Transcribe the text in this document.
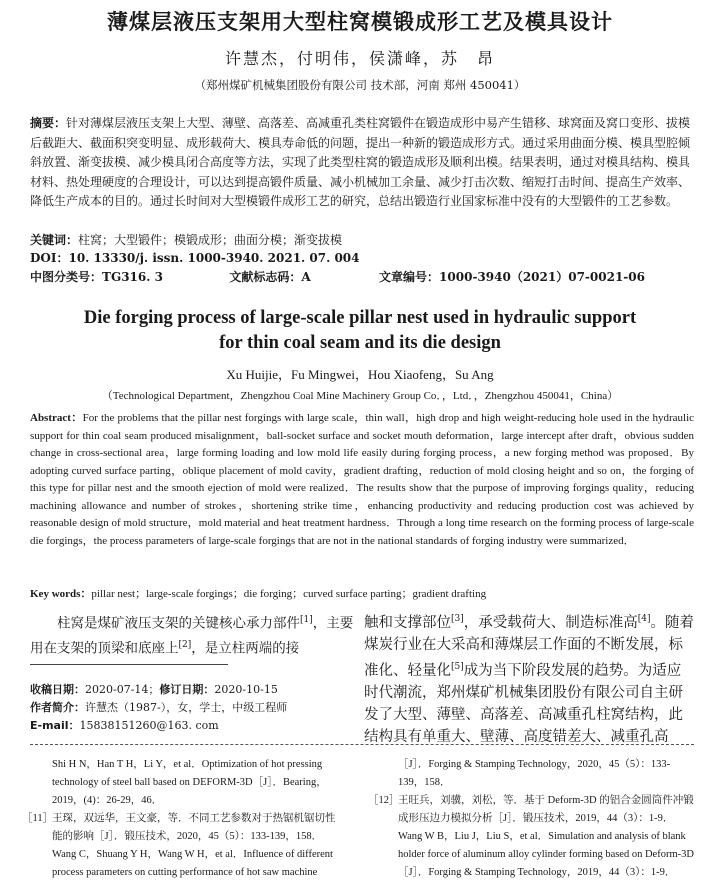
薄煤层液压支架用大型柱窝模锻成形工艺及模具设计
许慧杰，付明伟，侯潇峰，苏　昂
（郑州煤矿机械集团股份有限公司 技术部，河南 郑州 450041）
摘要：针对薄煤层液压支架上大型、薄壁、高落差、高减重孔类柱窝锻件在锻造成形中易产生错移、球窝面及窝口变形、拔模后截距大、截面积突变明显、成形载荷大、模具寿命低的问题，提出一种新的锻造成形方式。通过采用曲面分模、模具型腔倾斜放置、渐变拔模、减少模具闭合高度等方法，实现了此类型柱窝的锻造成形及顺利出模。结果表明，通过对模具结构、模具材料、热处理硬度的合理设计，可以达到提高锻件质量、减小机械加工余量、减少打击次数、缩短打击时间、提高生产效率、降低生产成本的目的。通过长时间对大型模锻件成形工艺的研究，总结出锻造行业国家标准中没有的大型锻件的工艺参数。
关键词：柱窝；大型锻件；模锻成形；曲面分模；渐变拔模
DOI：10. 13330/j. issn. 1000-3940. 2021. 07. 004
中图分类号：TG316. 3	文献标志码：A	文章编号：1000-3940（2021）07-0021-06
Die forging process of large-scale pillar nest used in hydraulic support
for thin coal seam and its die design
Xu Huijie，Fu Mingwei，Hou Xiaofeng，Su Ang
（Technological Department，Zhengzhou Coal Mine Machinery Group Co．，Ltd．，Zhengzhou 450041，China）
Abstract：For the problems that the pillar nest forgings with large scale，thin wall，high drop and high weight-reducing hole used in the hydraulic support for thin coal seam produced misalignment，ball-socket surface and socket mouth deformation，large intercept after draft，obvious sudden change in cross-sectional area，large forming loading and low mold life easily during forging process，a new forging method was proposed．By adopting curved surface parting，oblique placement of mold cavity，gradient drafting，reduction of mold closing height and so on，the forging of this type for pillar nest and the smooth ejection of mold were realized．The results show that the purpose of improving forgings quality，reducing machining allowance and number of strokes，shortening strike time，enhancing productivity and reducing production cost was achieved by reasonable design of mold structure，mold material and heat treatment hardness．Through a long time research on the forming process of large-scale die forgings，the process parameters of large-scale forgings that are not in the national standards of forging industry were summarized．
Key words：pillar nest；large-scale forgings；die forging；curved surface parting；gradient drafting
柱窝是煤矿液压支架的关键核心承力部件[1]，主要用在支架的顶梁和底座上[2]，是立柱两端的接
触和支撑部位[3]，承受载荷大、制造标准高[4]。随着煤炭行业在大采高和薄煤层工作面的不断发展，标准化、轻量化[5]成为当下阶段发展的趋势。为适应时代潮流，郑州煤矿机械集团股份有限公司自主研发了大型、薄壁、高落差、高减重孔柱窝结构，此结构具有单重大、壁薄、高度错差大、减重孔高
收稿日期：2020-07-14；修订日期：2020-10-15
作者简介：许慧杰（1987-），女，学士，中级工程师
E-mail：15838151260@163. com
Shi H N，Han T H，Li Y，et al．Optimization of hot pressing
technology of steel ball based on DEFORM-3D［J］．Bearing，
2019，(4)：26-29，46．
［11］
王琛，双远华，王文豪，等．不同工艺参数对于热锯机锯切性
能的影响［J］．锻压技术，2020，45（5）：133-139，158．
Wang C，Shuang Y H，Wang W H，et al．Influence of different
process parameters on cutting performance of hot saw machine
［J］．Forging & Stamping Technology，2020，45（5）：133-
139，158．
［12］
王旺兵，刘骥，刘松，等．基于 Deform-3D 的铝合金圆筒件冲锻
成形压边力模拟分析［J］．锻压技术，2019，44（3）：1-9．
Wang W B，Liu J，Liu S，et al．Simulation and analysis of blank
holder force of aluminum alloy cylinder forming based on Deform-3D
［J］．Forging & Stamping Technology，2019，44（3）：1-9．
